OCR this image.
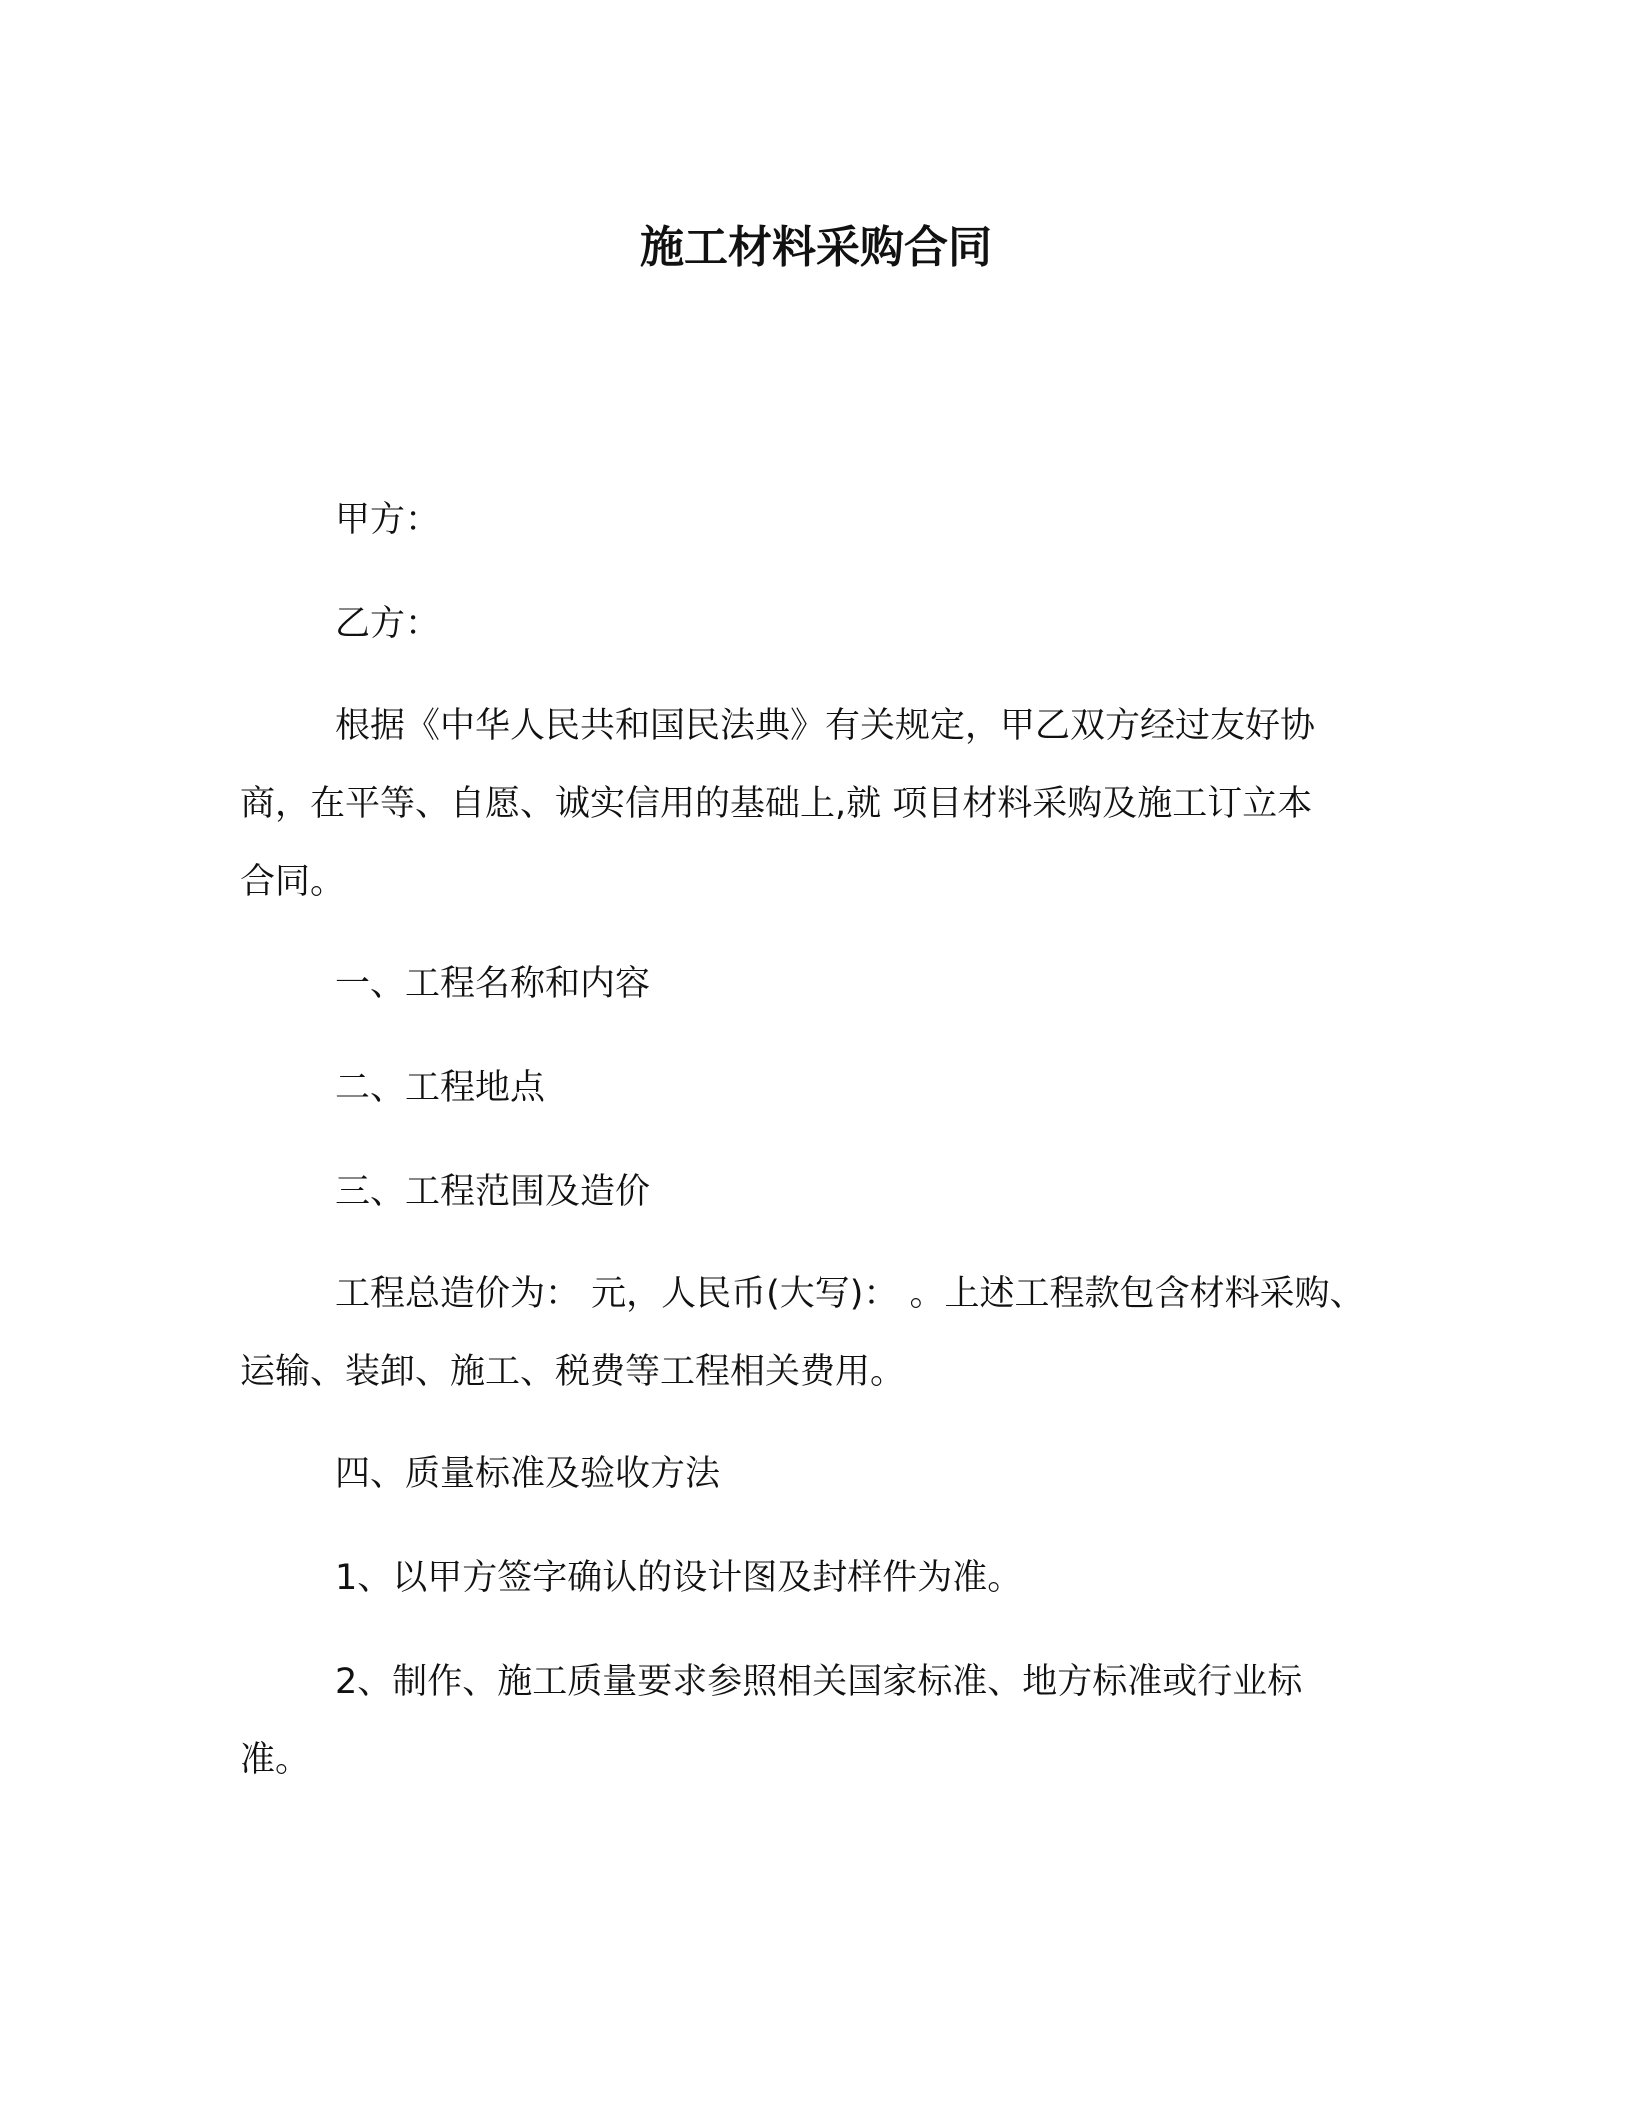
施工材料采购合同
甲方：
乙方：
根据《中华人民共和国民法典》有关规定，甲乙双方经过友好协
商，在平等、自愿、诚实信用的基础上,就 项目材料采购及施工订立本
合同。
一、工程名称和内容
二、工程地点
三、工程范围及造价
工程总造价为： 元，人民币(大写)： 。上述工程款包含材料采购、
运输、装卸、施工、税费等工程相关费用。
四、质量标准及验收方法
1、以甲方签字确认的设计图及封样件为准。
2、制作、施工质量要求参照相关国家标准、地方标准或行业标
准。
